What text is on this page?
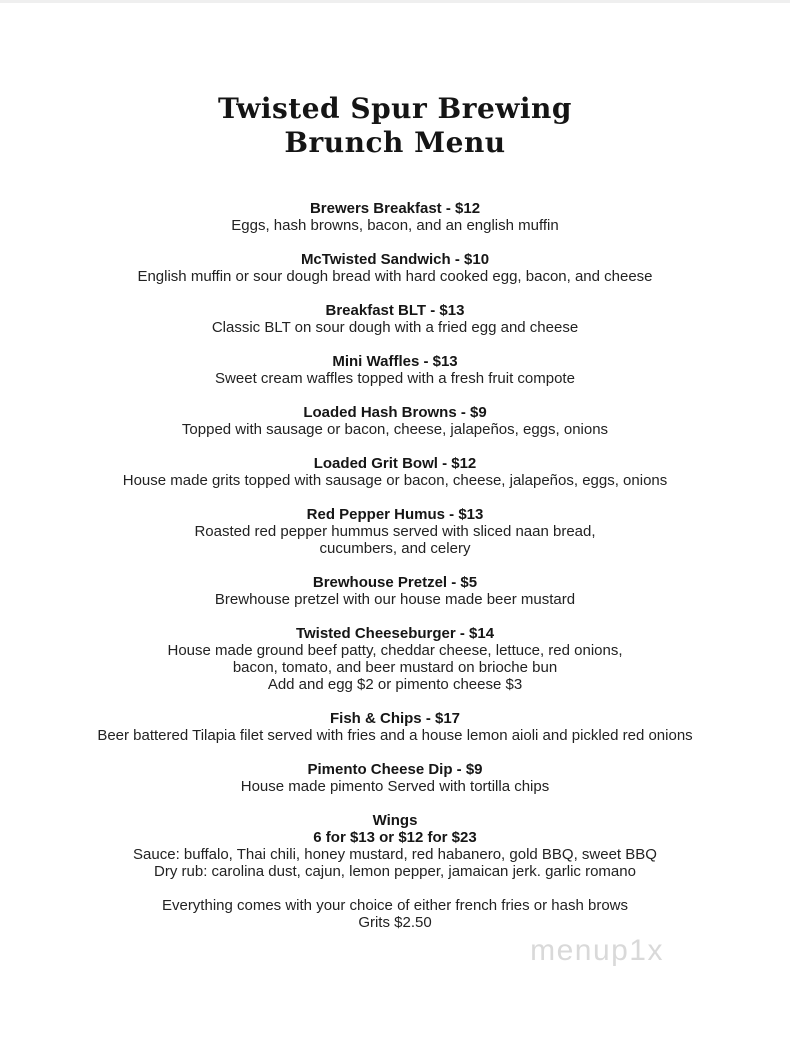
Twisted Spur Brewing
Brunch Menu
Brewers Breakfast - $12
Eggs, hash browns, bacon, and an english muffin
McTwisted Sandwich - $10
English muffin or sour dough bread with hard cooked egg, bacon, and cheese
Breakfast BLT - $13
Classic BLT on sour dough with a fried egg and cheese
Mini Waffles - $13
Sweet cream waffles topped with a fresh fruit compote
Loaded Hash Browns - $9
Topped with sausage or bacon, cheese, jalapeños, eggs, onions
Loaded Grit Bowl - $12
House made grits topped with sausage or bacon, cheese, jalapeños, eggs, onions
Red Pepper Humus - $13
Roasted red pepper hummus served with sliced naan bread,
cucumbers, and celery
Brewhouse Pretzel - $5
Brewhouse pretzel with our house made beer mustard
Twisted Cheeseburger - $14
House made ground beef patty, cheddar cheese, lettuce, red onions,
bacon, tomato, and beer mustard on brioche bun
Add and egg $2 or pimento cheese $3
Fish & Chips - $17
Beer battered Tilapia filet served with fries and a house lemon aioli and pickled red onions
Pimento Cheese Dip - $9
House made pimento Served with tortilla chips
Wings
6 for $13 or $12 for $23
Sauce: buffalo, Thai chili, honey mustard, red habanero, gold BBQ, sweet BBQ
Dry rub: carolina dust, cajun, lemon pepper, jamaican jerk. garlic romano
Everything comes with your choice of either french fries or hash brows
Grits $2.50
menup1x
